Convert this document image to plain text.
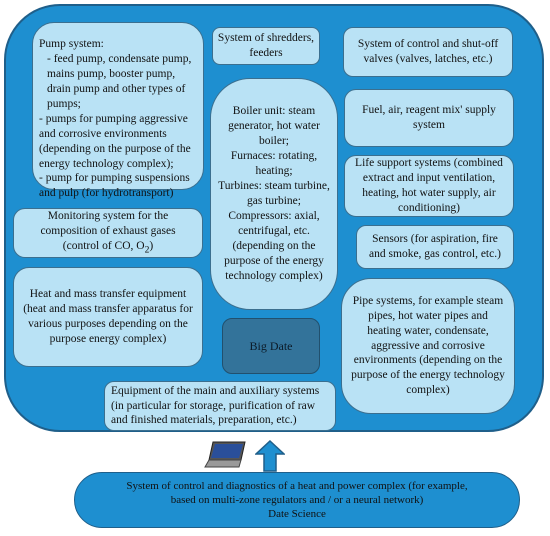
Pump system:
- feed pump, condensate pump, mains pump, booster pump, drain pump and other types of pumps;
- pumps for pumping aggressive and corrosive environments (depending on the purpose of the energy technology complex);
- pump for pumping suspensions and pulp (for hydrotransport)
System of shredders, feeders
System of control and shut-off valves (valves, latches, etc.)
Fuel, air, reagent mix' supply system
Boiler unit: steam generator, hot water boiler;
Furnaces: rotating, heating;
Turbines: steam turbine, gas turbine;
Compressors: axial, centrifugal, etc. (depending on the purpose of the energy technology complex)
Life support systems (combined extract and input ventilation, heating, hot water supply, air conditioning)
Monitoring system for the composition of exhaust gases (control of CO, $O_2$)
Sensors (for aspiration, fire and smoke, gas control, etc.)
Heat and mass transfer equipment (heat and mass transfer apparatus for various purposes depending on the purpose energy complex)
Pipe systems, for example steam pipes, hot water pipes and heating water, condensate, aggressive and corrosive environments (depending on the purpose of the energy technology complex)
Big Date
Equipment of the main and auxiliary systems (in particular for storage, purification of raw and finished materials, preparation, etc.)
System of control and diagnostics of a heat and power complex (for example,
based on multi-zone regulators and / or a neural network)
Date Science
